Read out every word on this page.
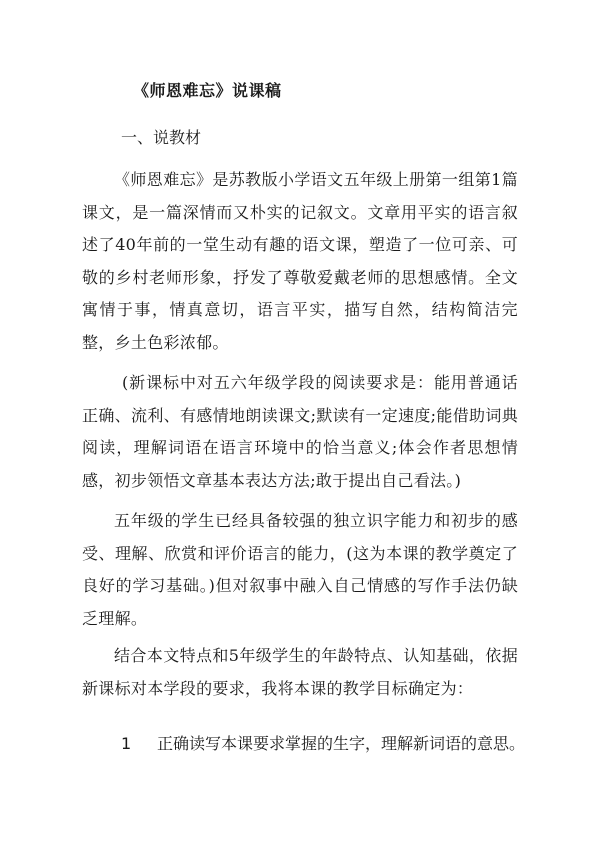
《师恩难忘》说课稿
一、说教材
《师恩难忘》是苏教版小学语文五年级上册第一组第1篇课文，是一篇深情而又朴实的记叙文。文章用平实的语言叙述了40年前的一堂生动有趣的语文课，塑造了一位可亲、可敬的乡村老师形象，抒发了尊敬爱戴老师的思想感情。全文寓情于事，情真意切，语言平实，描写自然，结构简洁完整，乡土色彩浓郁。
(新课标中对五六年级学段的阅读要求是：能用普通话正确、流利、有感情地朗读课文;默读有一定速度;能借助词典阅读，理解词语在语言环境中的恰当意义;体会作者思想情感，初步领悟文章基本表达方法;敢于提出自己看法。)
五年级的学生已经具备较强的独立识字能力和初步的感受、理解、欣赏和评价语言的能力，(这为本课的教学奠定了良好的学习基础。)但对叙事中融入自己情感的写作手法仍缺乏理解。
结合本文特点和5年级学生的年龄特点、认知基础，依据新课标对本学段的要求，我将本课的教学目标确定为：
1 正确读写本课要求掌握的生字，理解新词语的意思。
